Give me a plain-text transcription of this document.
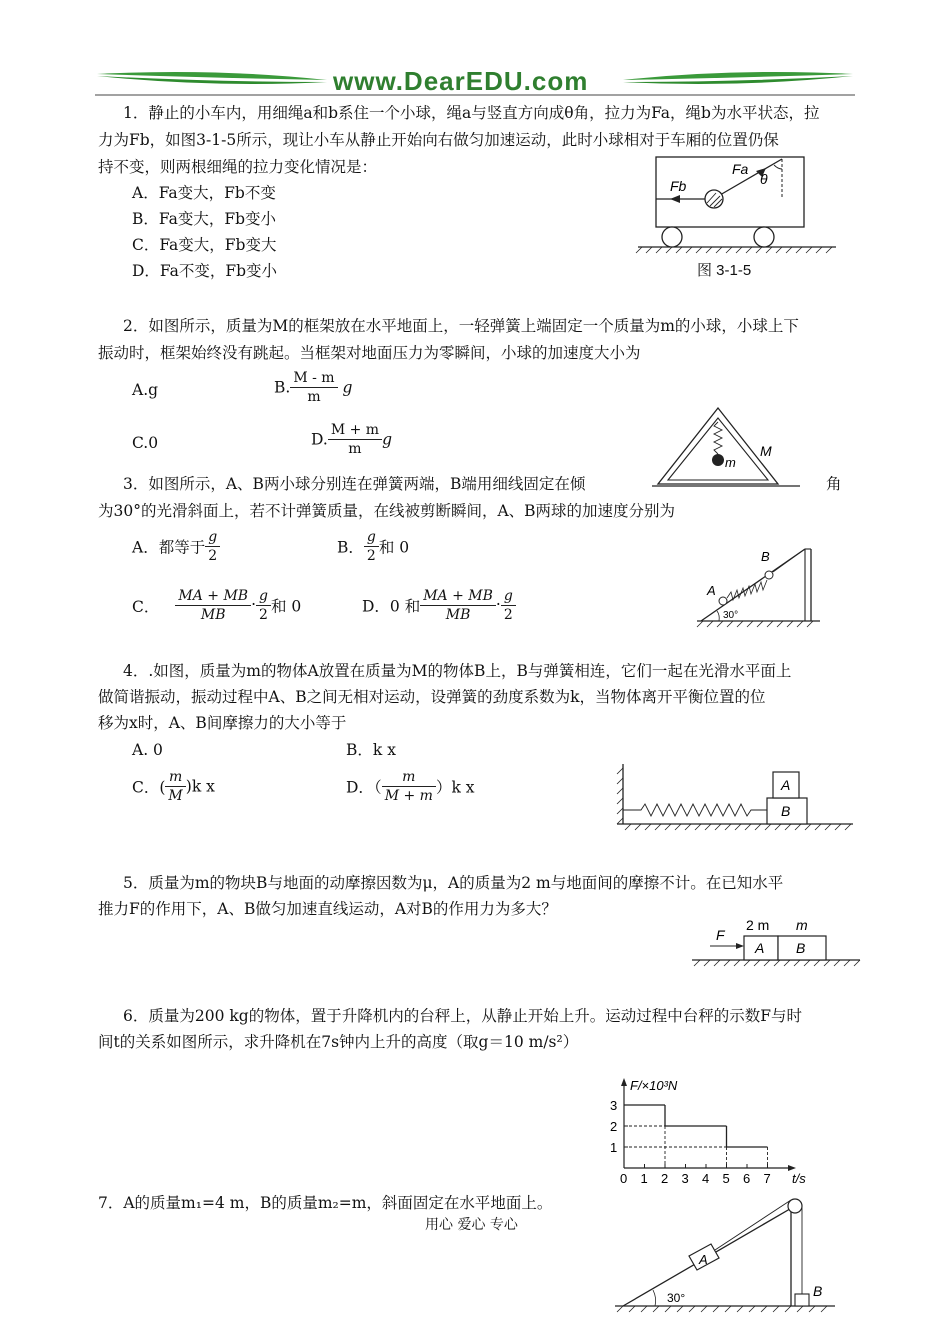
www.DearEDU.com
1．静止的小车内，用细绳a和b系住一个小球，绳a与竖直方向成θ角，拉力为Fa，绳b为水平状态，拉
力为Fb，如图3-1-5所示，现让小车从静止开始向右做匀加速运动，此时小球相对于车厢的位置仍保
持不变，则两根细绳的拉力变化情况是：
A．Fa变大，Fb不变
B．Fa变大，Fb变小
C．Fa变大，Fb变大
D．Fa不变，Fb变小
Fa
Fb	θ
图 3-1-5
2．如图所示，质量为M的框架放在水平地面上，一轻弹簧上端固定一个质量为m的小球，小球上下
振动时，框架始终没有跳起。当框架对地面压力为零瞬间，小球的加速度大小为
A.g	B. $\frac{M - m}{m}$ g
C.0	D. $\frac{M + m}{m}$ g
m
M
3．如图所示，A、B两小球分别连在弹簧两端，B端用细线固定在倾	角
为30°的光滑斜面上，若不计弹簧质量，在线被剪断瞬间，A、B两球的加速度分别为
A．都等于 $\frac{g}{2}$	B． $\frac{g}{2}$ 和 0
C． $\frac{MA + MB}{MB} \cdot \frac{g}{2}$ 和 0	D．0 和 $\frac{MA + MB}{MB} \cdot \frac{g}{2}$	A
B
30°
4．.如图，质量为m的物体A放置在质量为M的物体B上，B与弹簧相连，它们一起在光滑水平面上
做简谐振动，振动过程中A、B之间无相对运动，设弹簧的劲度系数为k，当物体离开平衡位置的位
移为x时，A、B间摩擦力的大小等于
A. 0	B．k x
C．( $\frac{m}{M} )k$ x	D．（ $\frac{m}{M + m} )k$ x	A
B
5．质量为m的物块B与地面的动摩擦因数为μ，A的质量为2 m与地面间的摩擦不计。在已知水平
推力F的作用下，A、B做匀加速直线运动，A对B的作用力为多大？
F
2 m m
A B
6．质量为200 kg的物体，置于升降机内的台秤上，从静止开始上升。运动过程中台秤的示数F与时
间t的关系如图所示，求升降机在7s钟内上升的高度（取g＝10 m/s²）
0 1 2 3 4 5 6 7
1
2
3
t/s
F/×10³N
7．A的质量m₁=4 m，B的质量m₂=m，斜面固定在水平地面上。
A
B
30°
用心 爱心 专心
